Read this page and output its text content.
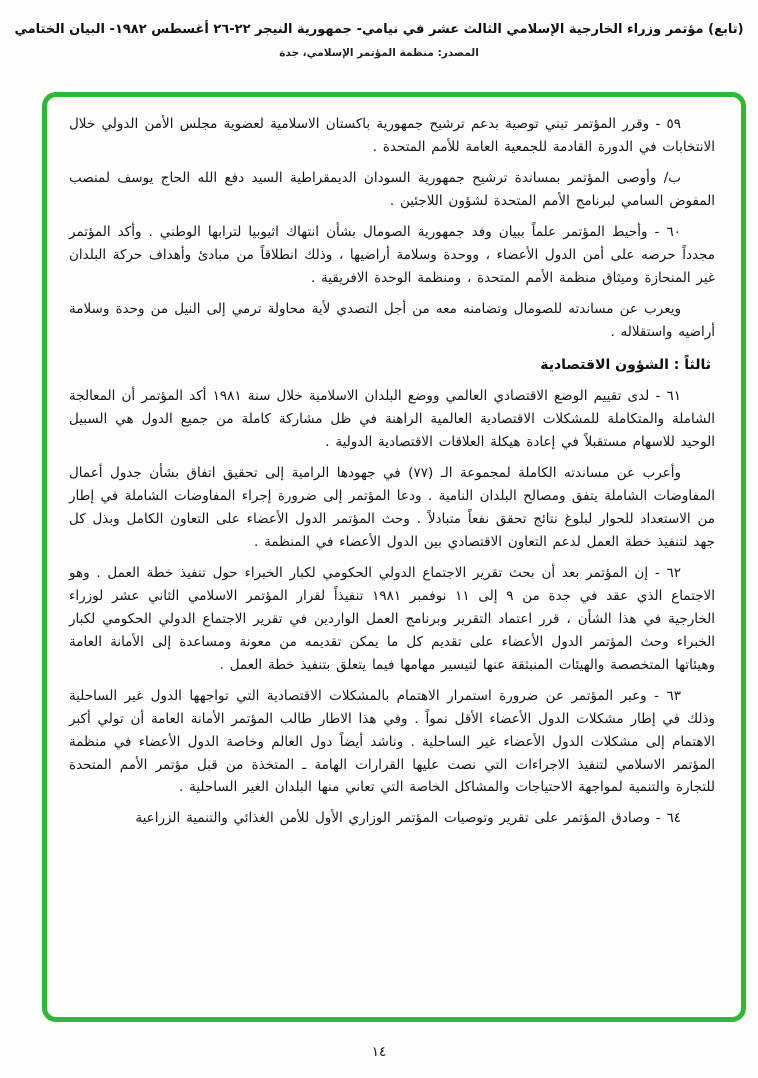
(تابع) مؤتمر وزراء الخارجية الإسلامي الثالث عشر في نيامي- جمهورية النيجر ٢٢-٢٦ أغسطس ١٩٨٢- البيان الختامي
المصدر: منظمة المؤتمر الإسلامي، جدة

٥٩ - وقرر المؤتمر تبني توصية بدعم ترشيح جمهورية باكستان الاسلامية لعضوية مجلس الأمن الدولي خلال الانتخابات في الدورة القادمة للجمعية العامة للأمم المتحدة .

ب/ وأوصى المؤتمر بمساندة ترشيح جمهورية السودان الديمقراطية السيد دفع الله الحاج يوسف لمنصب المفوض السامي لبرنامج الأمم المتحدة لشؤون اللاجئين .

٦٠ - وأحيط المؤتمر علماً ببيان وفد جمهورية الصومال بشأن انتهاك اثيوبيا لترابها الوطني . وأكد المؤتمر مجدداً حرصه على أمن الدول الأعضاء ، ووحدة وسلامة أراضيها ، وذلك انطلاقاً من مبادئ وأهداف حركة البلدان غير المنحازة وميثاق منظمة الأمم المتحدة ، ومنظمة الوحدة الافريقية .

ويعرب عن مساندته للصومال وتضامنه معه من أجل التصدي لأية محاولة ترمي إلى النيل من وحدة وسلامة أراضيه واستقلاله .

ثالثاً : الشؤون الاقتصادية

٦١ - لدى تقييم الوضع الاقتصادي العالمي ووضع البلدان الاسلامية خلال سنة ١٩٨١ أكد المؤتمر أن المعالجة الشاملة والمتكاملة للمشكلات الاقتصادية العالمية الراهنة في ظل مشاركة كاملة من جميع الدول هي السبيل الوحيد للاسهام مستقبلاً في إعادة هيكلة العلاقات الاقتصادية الدولية .

وأعرب عن مساندته الكاملة لمجموعة الـ (٧٧) في جهودها الرامية إلى تحقيق اتفاق بشأن جدول أعمال المفاوضات الشاملة يتفق ومصالح البلدان النامية . ودعا المؤتمر إلى ضرورة إجراء المفاوضات الشاملة في إطار من الاستعداد للحوار لبلوغ نتائج تحقق نفعاً متبادلاً . وحث المؤتمر الدول الأعضاء على التعاون الكامل وبذل كل جهد لتنفيذ خطة العمل لدعم التعاون الاقتصادي بين الدول الأعضاء في المنظمة .

٦٢ - إن المؤتمر بعد أن بحث تقرير الاجتماع الدولي الحكومي لكبار الخبراء حول تنفيذ خطة العمل . وهو الاجتماع الذي عقد في جدة من ٩ إلى ١١ نوفمبر ١٩٨١ تنفيذاً لقرار المؤتمر الاسلامي الثاني عشر لوزراء الخارجية في هذا الشأن ، قرر اعتماد التقرير وبرنامج العمل الواردين في تقرير الاجتماع الدولي الحكومي لكبار الخبراء وحث المؤتمر الدول الأعضاء على تقديم كل ما يمكن تقديمه من معونة ومساعدة إلى الأمانة العامة وهيئاتها المتخصصة والهيئات المنبثقة عنها لتيسير مهامها فيما يتعلق بتنفيذ خطة العمل .

٦٣ - وعبر المؤتمر عن ضرورة استمرار الاهتمام بالمشكلات الاقتصادية التي تواجهها الدول غير الساحلية وذلك في إطار مشكلات الدول الأعضاء الأقل نمواً . وفي هذا الاطار طالب المؤتمر الأمانة العامة أن تولي أكبر الاهتمام إلى مشكلات الدول الأعضاء غير الساحلية . وناشد أيضاً دول العالم وخاصة الدول الأعضاء في منظمة المؤتمر الاسلامي لتنفيذ الاجراءات التي نصت عليها القرارات الهامة ـ المتخذة من قبل مؤتمر الأمم المتحدة للتجارة والتنمية لمواجهة الاحتياجات والمشاكل الخاصة التي تعاني منها البلدان الغير الساحلية .

٦٤ - وصادق المؤتمر على تقرير وتوصيات المؤتمر الوزاري الأول للأمن الغذائي والتنمية الزراعية

١٤
